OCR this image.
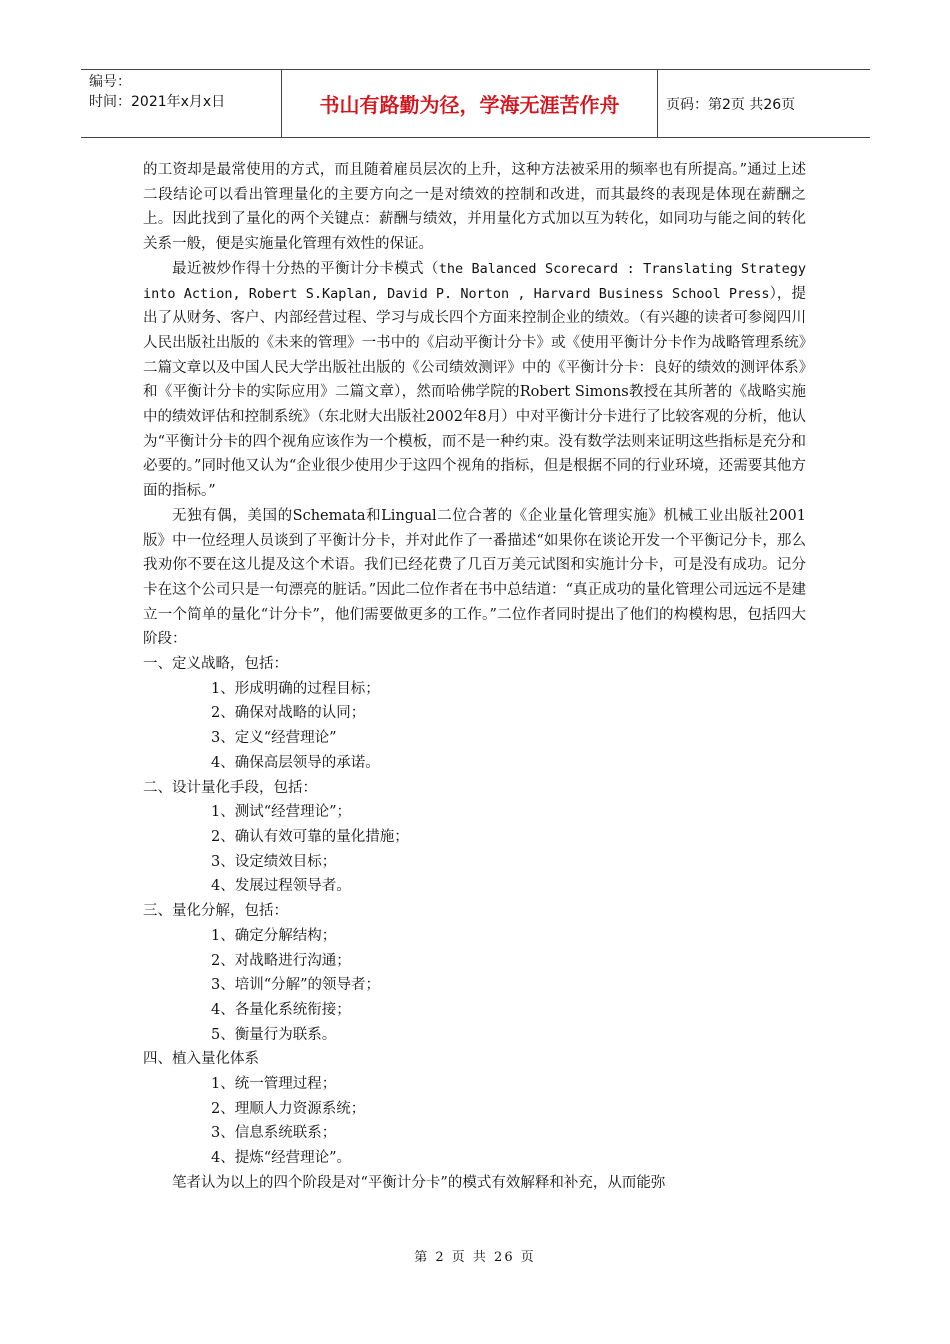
编号：
时间：2021年x月x日	书山有路勤为径，学海无涯苦作舟	页码：第2页 共26页

的工资却是最常使用的方式，而且随着雇员层次的上升，这种方法被采用的频率也有所提高。”通过上述二段结论可以看出管理量化的主要方向之一是对绩效的控制和改进，而其最终的表现是体现在薪酬之上。因此找到了量化的两个关键点：薪酬与绩效，并用量化方式加以互为转化，如同功与能之间的转化关系一般，便是实施量化管理有效性的保证。

最近被炒作得十分热的平衡计分卡模式（the Balanced Scorecard : Translating Strategy into Action, Robert S.Kaplan, David P. Norton , Harvard Business School Press），提出了从财务、客户、内部经营过程、学习与成长四个方面来控制企业的绩效。（有兴趣的读者可参阅四川人民出版社出版的《未来的管理》一书中的《启动平衡计分卡》或《使用平衡计分卡作为战略管理系统》二篇文章以及中国人民大学出版社出版的《公司绩效测评》中的《平衡计分卡：良好的绩效的测评体系》和《平衡计分卡的实际应用》二篇文章），然而哈佛学院的Robert Simons教授在其所著的《战略实施中的绩效评估和控制系统》（东北财大出版社2002年8月）中对平衡计分卡进行了比较客观的分析，他认为“平衡计分卡的四个视角应该作为一个模板，而不是一种约束。没有数学法则来证明这些指标是充分和必要的。”同时他又认为“企业很少使用少于这四个视角的指标，但是根据不同的行业环境，还需要其他方面的指标。”

无独有偶，美国的Schemata和Lingual二位合著的《企业量化管理实施》机械工业出版社2001版》中一位经理人员谈到了平衡计分卡，并对此作了一番描述“如果你在谈论开发一个平衡记分卡，那么我劝你不要在这儿提及这个术语。我们已经花费了几百万美元试图和实施计分卡，可是没有成功。记分卡在这个公司只是一句漂亮的脏话。”因此二位作者在书中总结道：“真正成功的量化管理公司远远不是建立一个简单的量化“计分卡”，他们需要做更多的工作。”二位作者同时提出了他们的构模构思，包括四大阶段：

一、定义战略，包括：

1、形成明确的过程目标；

2、确保对战略的认同；

3、定义“经营理论”

4、确保高层领导的承诺。

二、设计量化手段，包括：

1、测试“经营理论”；

2、确认有效可靠的量化措施；

3、设定绩效目标；

4、发展过程领导者。

三、量化分解，包括：

1、确定分解结构；

2、对战略进行沟通；

3、培训“分解”的领导者；

4、各量化系统衔接；

5、衡量行为联系。

四、植入量化体系

1、统一管理过程；

2、理顺人力资源系统；

3、信息系统联系；

4、提炼“经营理论”。

笔者认为以上的四个阶段是对“平衡计分卡”的模式有效解释和补充，从而能弥

第 2 页 共 26 页
